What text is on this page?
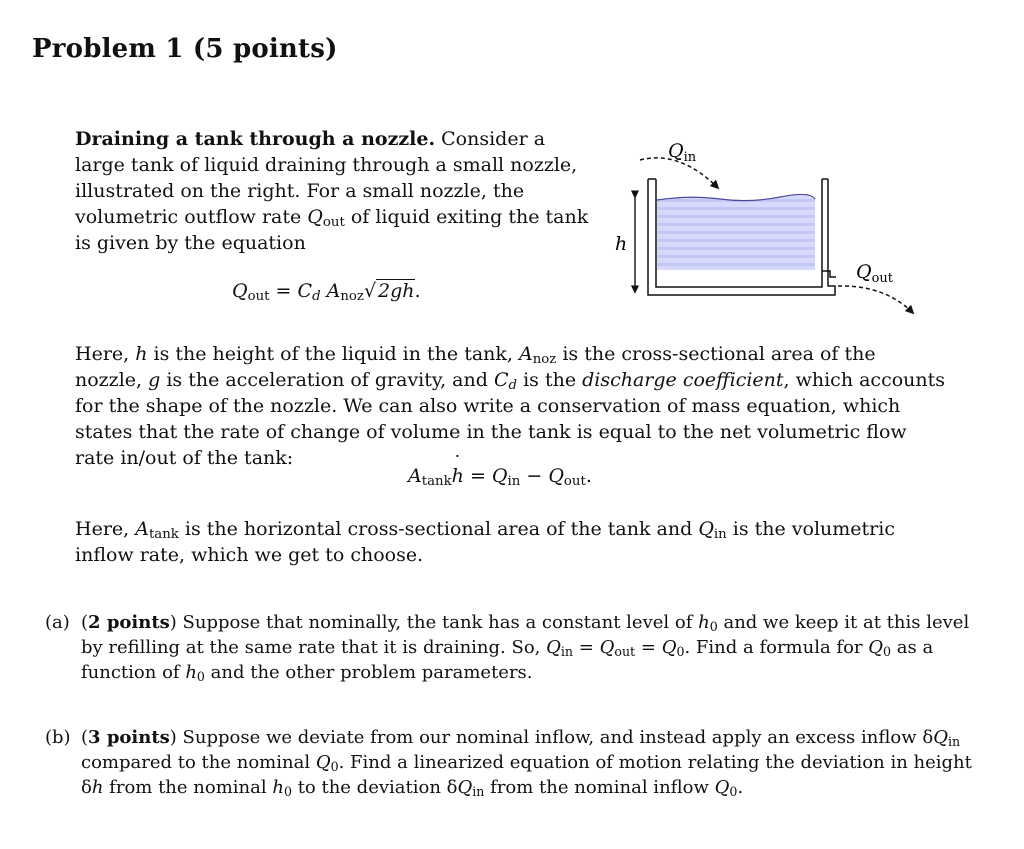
Problem 1 (5 points)
Draining a tank through a nozzle. Consider a large tank of liquid draining through a small nozzle, illustrated on the right. For a small nozzle, the volumetric outflow rate $Q_{out}$ of liquid exiting the tank is given by the equation
$Q_{out} = C_d$ $A_{noz}√$ 2gh.
$Q_{in}$
$Q_{out}$
h
Here, h is the height of the liquid in the tank, $A_{noz}$ is the cross-sectional area of the nozzle, g is the acceleration of gravity, and $C_d$ is the discharge coefficient, which accounts for the shape of the nozzle. We can also write a conservation of mass equation, which states that the rate of change of volume in the tank is equal to the net volumetric flow rate in/out of the tank:
$A_{tank}˙$ $h = Q_{in} - Q_{out}$.
Here, $A_{tank}$ is the horizontal cross-sectional area of the tank and $Q_{in}$ is the volumetric inflow rate, which we get to choose.
(a) (2 points) Suppose that nominally, the tank has a constant level of $h_0$ and we keep it at this level by refilling at the same rate that it is draining. So, $Q_{in} = Q_{out} = Q_0$. Find a formula for $Q_0$ as a function of $h_0$ and the other problem parameters.
(b) (3 points) Suppose we deviate from our nominal inflow, and instead apply an excess inflow $\delta Q_{in}$ compared to the nominal $Q_0$. Find a linearized equation of motion relating the deviation in height δh from the nominal $h_0$ to the deviation $\delta Q_{in}$ from the nominal inflow $Q_0$.
